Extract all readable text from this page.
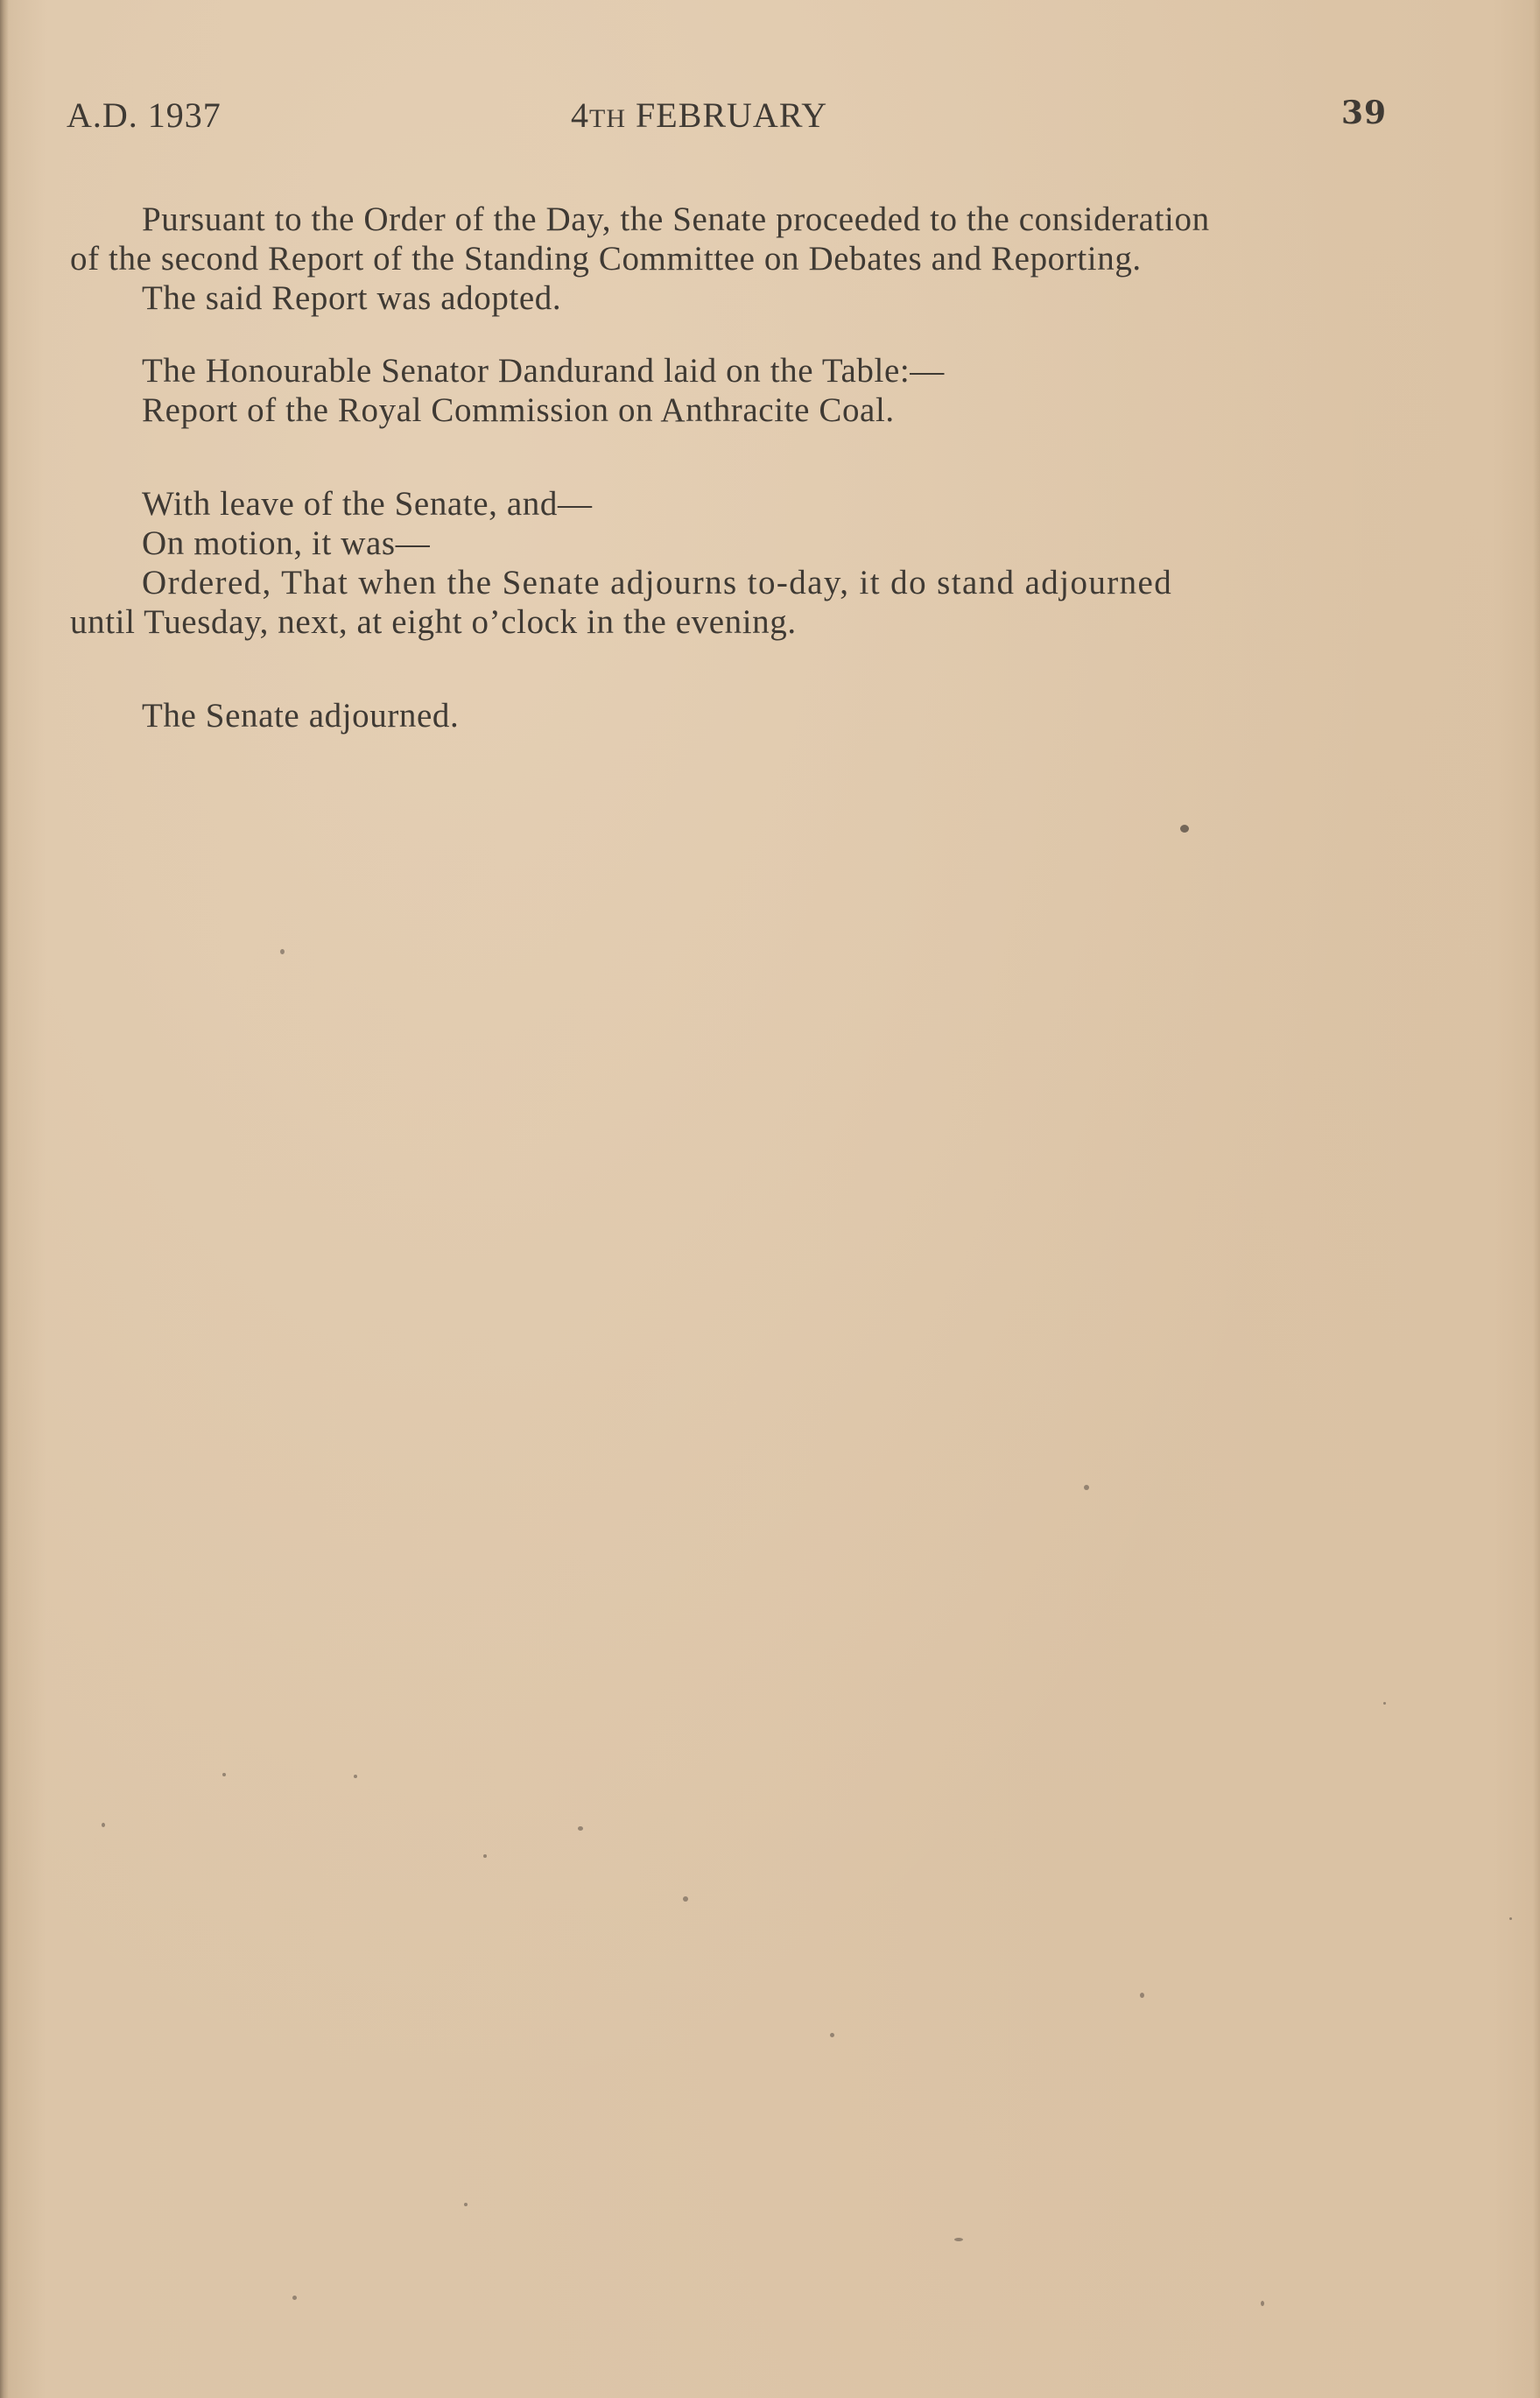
A.D. 1937	4TH FEBRUARY	39
Pursuant to the Order of the Day, the Senate proceeded to the consideration
of the second Report of the Standing Committee on Debates and Reporting.
The said Report was adopted.
The Honourable Senator Dandurand laid on the Table:—
Report of the Royal Commission on Anthracite Coal.
With leave of the Senate, and—
On motion, it was—
Ordered, That when the Senate adjourns to-day, it do stand adjourned
until Tuesday, next, at eight o’clock in the evening.
The Senate adjourned.
